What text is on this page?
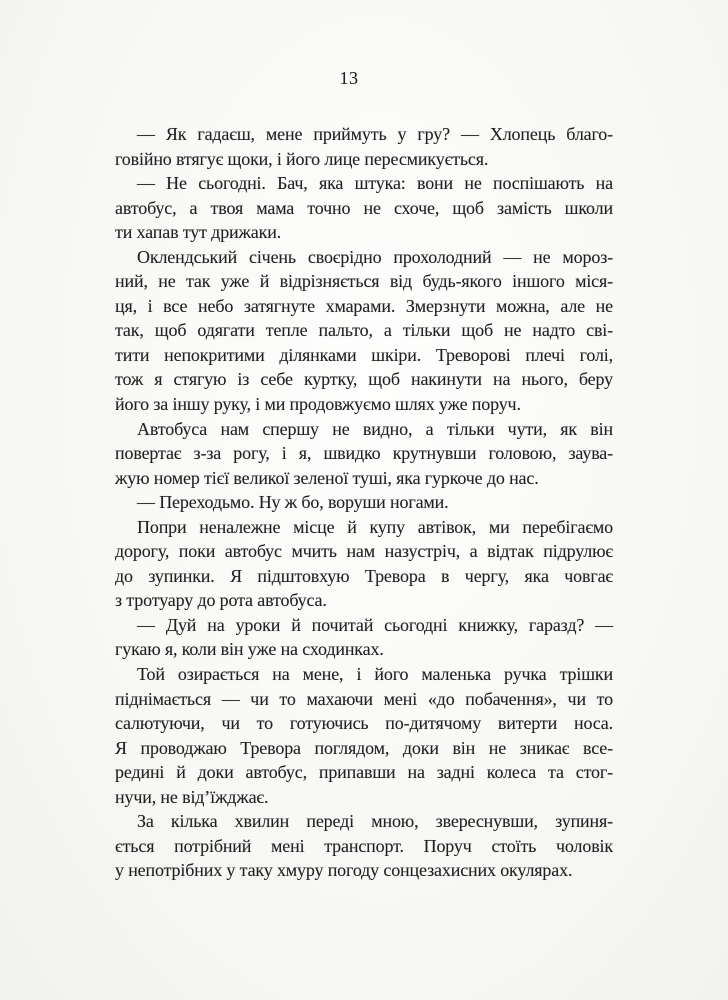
13
— Як гадаєш, мене приймуть у гру? — Хлопець благо-
говійно втягує щоки, і його лице пересмикується.
— Не сьогодні. Бач, яка штука: вони не поспішають на
автобус, а твоя мама точно не схоче, щоб замість школи
ти хапав тут дрижаки.
Оклендський січень своєрідно прохолодний — не мороз-
ний, не так уже й відрізняється від будь-якого іншого міся-
ця, і все небо затягнуте хмарами. Змерзнути можна, але не
так, щоб одягати тепле пальто, а тільки щоб не надто сві-
тити непокритими ділянками шкіри. Треворові плечі голі,
тож я стягую із себе куртку, щоб накинути на нього, беру
його за іншу руку, і ми продовжуємо шлях уже поруч.
Автобуса нам спершу не видно, а тільки чути, як він
повертає з-за рогу, і я, швидко крутнувши головою, заува-
жую номер тієї великої зеленої туші, яка гуркоче до нас.
— Переходьмо. Ну ж бо, воруши ногами.
Попри неналежне місце й купу автівок, ми перебігаємо
дорогу, поки автобус мчить нам назустріч, а відтак підрулює
до зупинки. Я підштовхую Тревора в чергу, яка човгає
з тротуару до рота автобуса.
— Дуй на уроки й почитай сьогодні книжку, гаразд? —
гукаю я, коли він уже на сходинках.
Той озирається на мене, і його маленька ручка трішки
піднімається — чи то махаючи мені «до побачення», чи то
салютуючи, чи то готуючись по-дитячому витерти носа.
Я проводжаю Тревора поглядом, доки він не зникає все-
редині й доки автобус, припавши на задні колеса та стог-
нучи, не від’їжджає.
За кілька хвилин переді мною, звереснувши, зупиня-
ється потрібний мені транспорт. Поруч стоїть чоловік
у непотрібних у таку хмуру погоду сонцезахисних окулярах.
